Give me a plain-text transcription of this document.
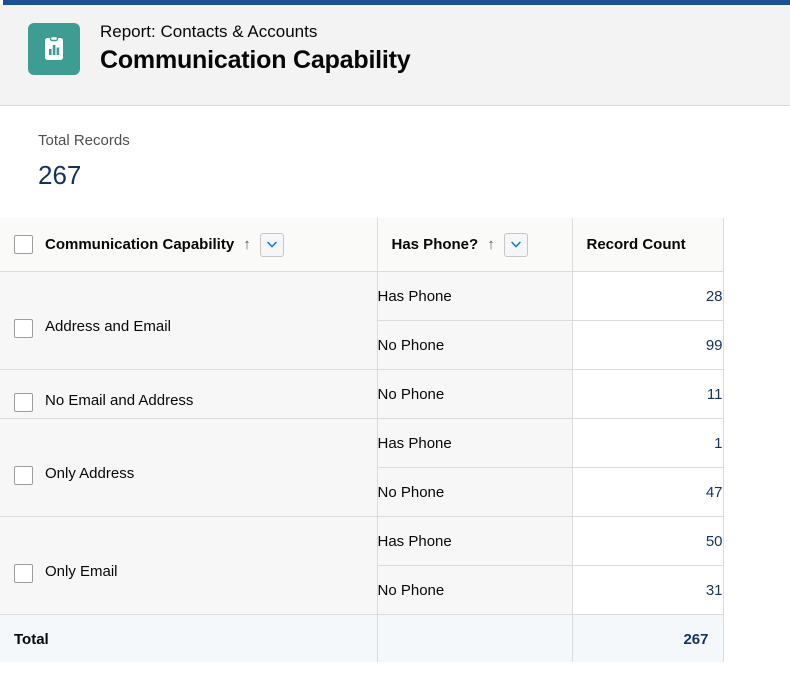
Report: Contacts & Accounts
Communication Capability
Total Records
267
Communication Capability ↑	Has Phone? ↑	Record Count

Address and Email	Has Phone	28
	No Phone	99

No Email and Address	No Phone	11

Only Address	Has Phone	1
	No Phone	47

Only Email	Has Phone	50
	No Phone	31
Total		267
